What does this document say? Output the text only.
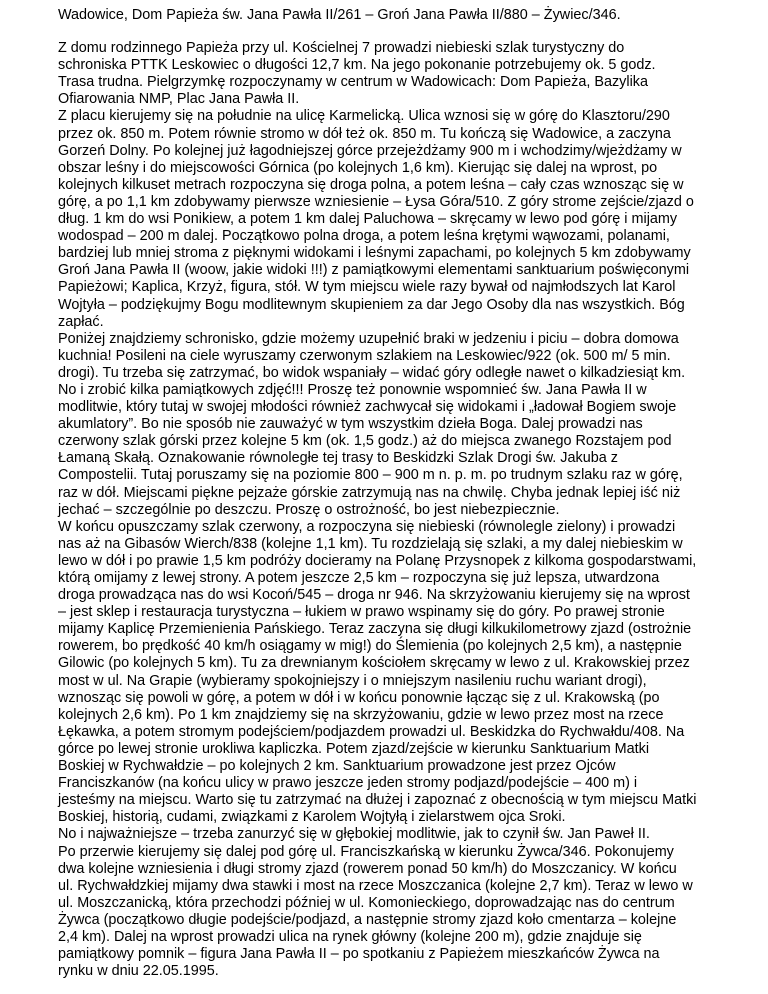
Wadowice, Dom Papieża św. Jana Pawła II/261 – Groń Jana Pawła II/880 – Żywiec/346.

Z domu rodzinnego Papieża przy ul. Kościelnej 7 prowadzi niebieski szlak turystyczny do
schroniska PTTK Leskowiec o długości 12,7 km. Na jego pokonanie potrzebujemy ok. 5 godz.
Trasa trudna. Pielgrzymkę rozpoczynamy w centrum w Wadowicach: Dom Papieża, Bazylika
Ofiarowania NMP, Plac Jana Pawła II.

Z placu kierujemy się na południe na ulicę Karmelicką. Ulica wznosi się w górę do Klasztoru/290
przez ok. 850 m. Potem równie stromo w dół też ok. 850 m. Tu kończą się Wadowice, a zaczyna
Gorzeń Dolny. Po kolejnej już łagodniejszej górce przejeżdżamy 900 m i wchodzimy/wjeżdżamy w
obszar leśny i do miejscowości Górnica (po kolejnych 1,6 km). Kierując się dalej na wprost, po
kolejnych kilkuset metrach rozpoczyna się droga polna, a potem leśna – cały czas wznosząc się w
górę, a po 1,1 km zdobywamy pierwsze wzniesienie – Łysa Góra/510. Z góry strome zejście/zjazd o
dług. 1 km do wsi Ponikiew, a potem 1 km dalej Paluchowa – skręcamy w lewo pod górę i mijamy
wodospad – 200 m dalej. Początkowo polna droga, a potem leśna krętymi wąwozami, polanami,
bardziej lub mniej stroma z pięknymi widokami i leśnymi zapachami, po kolejnych 5 km zdobywamy
Groń Jana Pawła II (woow, jakie widoki !!!) z pamiątkowymi elementami sanktuarium poświęconymi
Papieżowi; Kaplica, Krzyż, figura, stół. W tym miejscu wiele razy bywał od najmłodszych lat Karol
Wojtyła – podziękujmy Bogu modlitewnym skupieniem za dar Jego Osoby dla nas wszystkich. Bóg
zapłać.

Poniżej znajdziemy schronisko, gdzie możemy uzupełnić braki w jedzeniu i piciu – dobra domowa
kuchnia! Posileni na ciele wyruszamy czerwonym szlakiem na Leskowiec/922 (ok. 500 m/ 5 min.
drogi). Tu trzeba się zatrzymać, bo widok wspaniały – widać góry odległe nawet o kilkadziesiąt km.
No i zrobić kilka pamiątkowych zdjęć!!! Proszę też ponownie wspomnieć św. Jana Pawła II w
modlitwie, który tutaj w swojej młodości również zachwycał się widokami i „ładował Bogiem swoje
akumlatory”. Bo nie sposób nie zauważyć w tym wszystkim dzieła Boga. Dalej prowadzi nas
czerwony szlak górski przez kolejne 5 km (ok. 1,5 godz.) aż do miejsca zwanego Rozstajem pod
Łamaną Skałą. Oznakowanie równoległe tej trasy to Beskidzki Szlak Drogi św. Jakuba z
Compostelii. Tutaj poruszamy się na poziomie 800 – 900 m n. p. m. po trudnym szlaku raz w górę,
raz w dół. Miejscami piękne pejzaże górskie zatrzymują nas na chwilę. Chyba jednak lepiej iść niż
jechać – szczególnie po deszczu. Proszę o ostrożność, bo jest niebezpiecznie.

W końcu opuszczamy szlak czerwony, a rozpoczyna się niebieski (równolegle zielony) i prowadzi
nas aż na Gibasów Wierch/838 (kolejne 1,1 km). Tu rozdzielają się szlaki, a my dalej niebieskim w
lewo w dół i po prawie 1,5 km podróży docieramy na Polanę Przysnopek z kilkoma gospodarstwami,
którą omijamy z lewej strony. A potem jeszcze 2,5 km – rozpoczyna się już lepsza, utwardzona
droga prowadząca nas do wsi Kocoń/545 – droga nr 946. Na skrzyżowaniu kierujemy się na wprost
– jest sklep i restauracja turystyczna – łukiem w prawo wspinamy się do góry. Po prawej stronie
mijamy Kaplicę Przemienienia Pańskiego. Teraz zaczyna się długi kilkukilometrowy zjazd (ostrożnie
rowerem, bo prędkość 40 km/h osiągamy w mig!) do Ślemienia (po kolejnych 2,5 km), a następnie
Gilowic (po kolejnych 5 km). Tu za drewnianym kościołem skręcamy w lewo z ul. Krakowskiej przez
most w ul. Na Grapie (wybieramy spokojniejszy i o mniejszym nasileniu ruchu wariant drogi),
wznosząc się powoli w górę, a potem w dół i w końcu ponownie łącząc się z ul. Krakowską (po
kolejnych 2,6 km). Po 1 km znajdziemy się na skrzyżowaniu, gdzie w lewo przez most na rzece
Łękawka, a potem stromym podejściem/podjazdem prowadzi ul. Beskidzka do Rychwałdu/408. Na
górce po lewej stronie urokliwa kapliczka. Potem zjazd/zejście w kierunku Sanktuarium Matki
Boskiej w Rychwałdzie – po kolejnych 2 km. Sanktuarium prowadzone jest przez Ojców
Franciszkanów (na końcu ulicy w prawo jeszcze jeden stromy podjazd/podejście – 400 m) i
jesteśmy na miejscu. Warto się tu zatrzymać na dłużej i zapoznać z obecnością w tym miejscu Matki
Boskiej, historią, cudami, związkami z Karolem Wojtyłą i zielarstwem ojca Sroki.

No i najważniejsze – trzeba zanurzyć się w głębokiej modlitwie, jak to czynił św. Jan Paweł II.

Po przerwie kierujemy się dalej pod górę ul. Franciszkańską w kierunku Żywca/346. Pokonujemy
dwa kolejne wzniesienia i długi stromy zjazd (rowerem ponad 50 km/h) do Moszczanicy. W końcu
ul. Rychwałdzkiej mijamy dwa stawki i most na rzece Moszczanica (kolejne 2,7 km). Teraz w lewo w
ul. Moszczanicką, która przechodzi później w ul. Komonieckiego, doprowadzając nas do centrum
Żywca (początkowo długie podejście/podjazd, a następnie stromy zjazd koło cmentarza – kolejne
2,4 km). Dalej na wprost prowadzi ulica na rynek główny (kolejne 200 m), gdzie znajduje się
pamiątkowy pomnik – figura Jana Pawła II – po spotkaniu z Papieżem mieszkańców Żywca na
rynku w dniu 22.05.1995.
